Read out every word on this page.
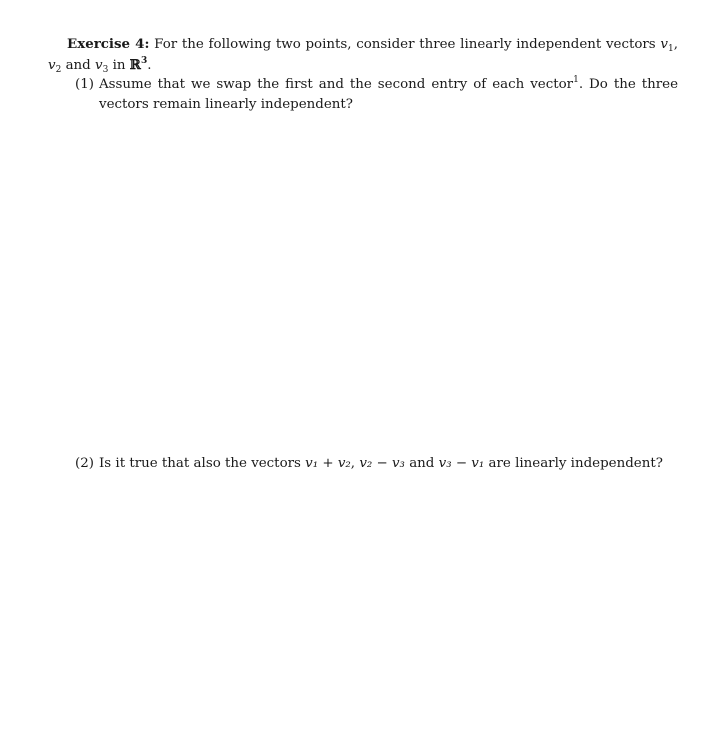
Exercise 4: For the following two points, consider three linearly independent vectors $v_1$, $v_2$ and $v_3$ in ℝ$^3$.

(1) Assume that we swap the first and the second entry of each vector$^1$. Do the three vectors remain linearly independent?
(2) Is it true that also the vectors v₁ + v₂, v₂ − v₃ and v₃ − v₁ are linearly independent?
